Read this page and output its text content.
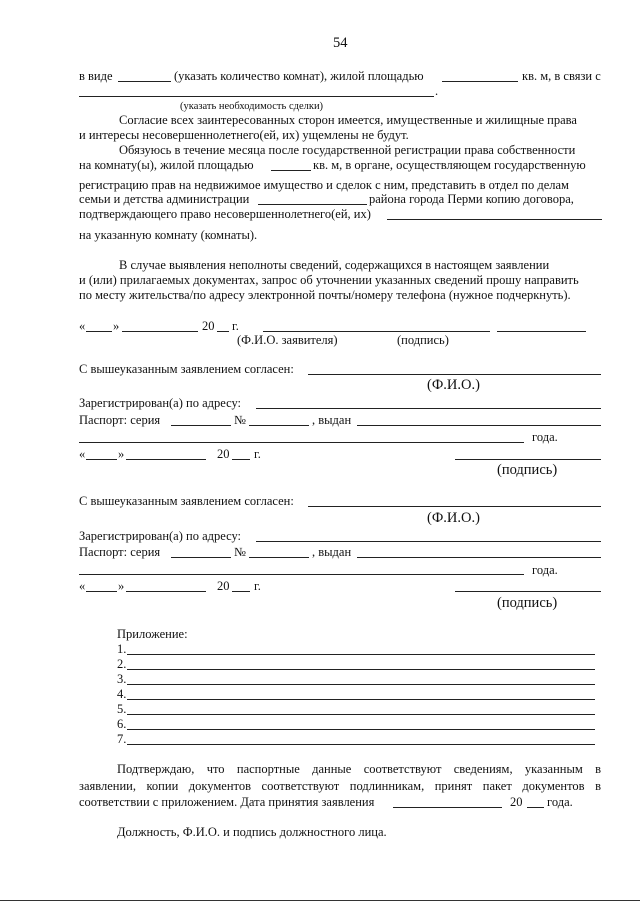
54
в виде	(указать количество комнат), жилой площадью	кв. м, в связи с
.
(указать необходимость сделки)
Согласие всех заинтересованных сторон имеется, имущественные и жилищные права
и интересы несовершеннолетнего(ей, их) ущемлены не будут.
Обязуюсь в течение месяца после государственной регистрации права собственности
на комнату(ы), жилой площадью	кв. м, в органе, осуществляющем государственную
регистрацию прав на недвижимое имущество и сделок с ним, представить в отдел по делам
семьи и детства администрации	района города Перми копию договора,
подтверждающего право несовершеннолетнего(ей, их)
на указанную комнату (комнаты).
В случае выявления неполноты сведений, содержащихся в настоящем заявлении
и (или) прилагаемых документах, запрос об уточнении указанных сведений прошу направить
по месту жительства/по адресу электронной почты/номеру телефона (нужное подчеркнуть).
« »	20 г.
(Ф.И.О. заявителя)	(подпись)
С вышеуказанным заявлением согласен:
(Ф.И.О.)
Зарегистрирован(а) по адресу:
Паспорт: серия	№	, выдан
года.
«	»	20 г.
(подпись)
С вышеуказанным заявлением согласен:
(Ф.И.О.)
Зарегистрирован(а) по адресу:
Паспорт: серия	№	, выдан
года.
«	»	20 г.
(подпись)
Приложение:
1.
2.
3.
4.
5.
6.
7.
Подтверждаю, что паспортные данные соответствуют сведениям, указанным в
заявлении, копии документов соответствуют подлинникам, принят пакет документов в
соответствии с приложением. Дата принятия заявления	20 года.
Должность, Ф.И.О. и подпись должностного лица.
